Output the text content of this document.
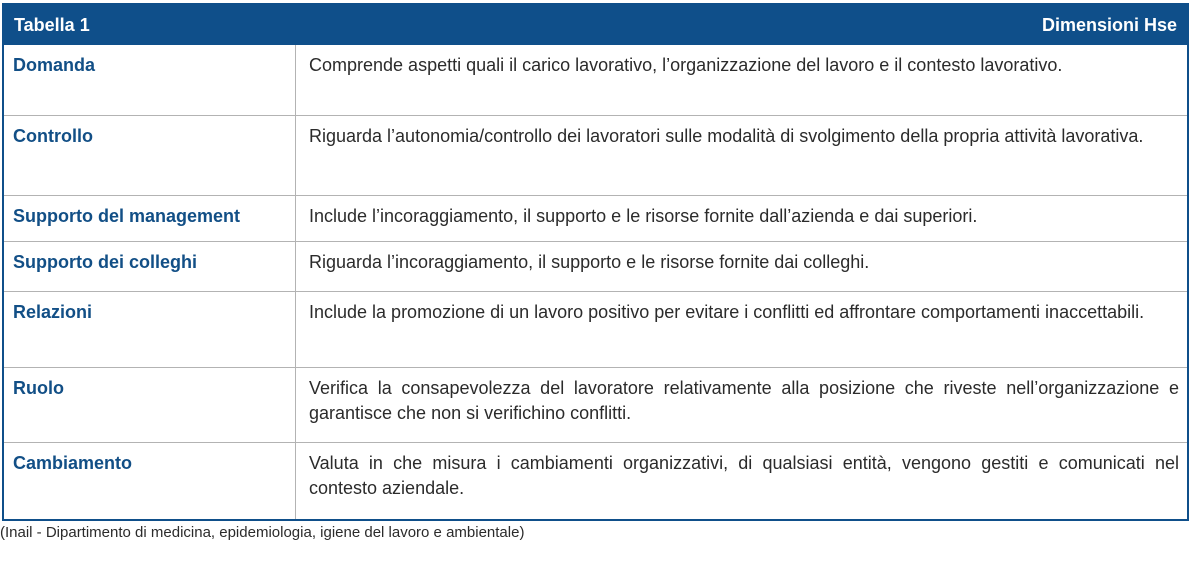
Tabella 1	Dimensioni Hse
Domanda	Comprende aspetti quali il carico lavorativo, l’organizzazione del lavoro e il contesto lavorativo.
Controllo	Riguarda l’autonomia/controllo dei lavoratori sulle modalità di svolgimento della propria attività lavorativa.
Supporto del management	Include l’incoraggiamento, il supporto e le risorse fornite dall’azienda e dai superiori.
Supporto dei colleghi	Riguarda l’incoraggiamento, il supporto e le risorse fornite dai colleghi.
Relazioni	Include la promozione di un lavoro positivo per evitare i conflitti ed affrontare comportamenti inaccettabili.
Ruolo	Verifica la consapevolezza del lavoratore relativamente alla posizione che riveste nell’organizzazione e garantisce che non si verifichino conflitti.
Cambiamento	Valuta in che misura i cambiamenti organizzativi, di qualsiasi entità, vengono gestiti e comunicati nel contesto aziendale.
(Inail - Dipartimento di medicina, epidemiologia, igiene del lavoro e ambientale)
